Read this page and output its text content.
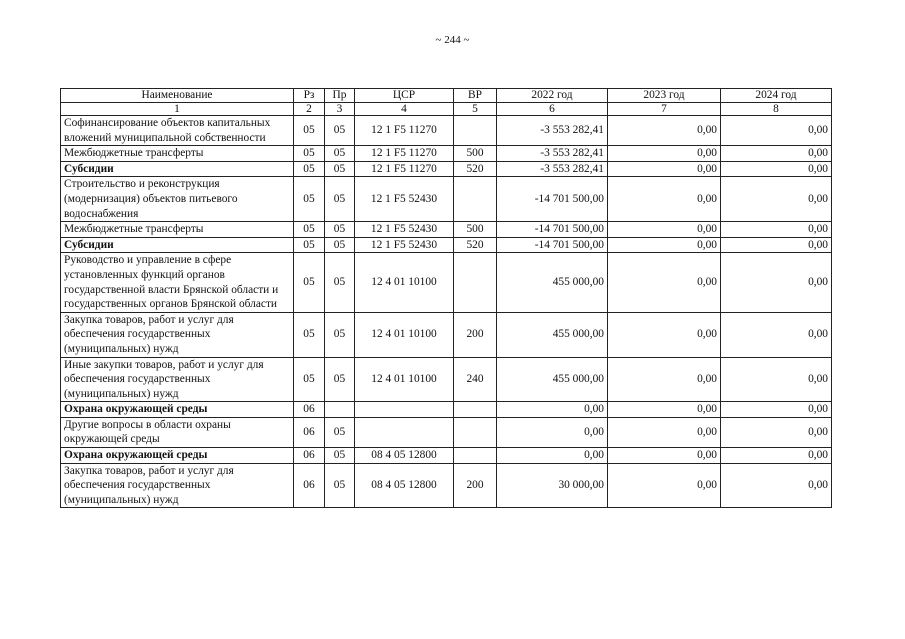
~ 244 ~
Наименование	Рз	Пр	ЦСР	ВР	2022 год	2023 год	2024 год
1	2	3	4	5	6	7	8
Софинансирование объектов капитальных вложений муниципальной собственности	05	05	12 1 F5 11270		-3 553 282,41	0,00	0,00
Межбюджетные трансферты	05	05	12 1 F5 11270	500	-3 553 282,41	0,00	0,00
Субсидии	05	05	12 1 F5 11270	520	-3 553 282,41	0,00	0,00
Строительство и реконструкция (модернизация) объектов питьевого водоснабжения	05	05	12 1 F5 52430		-14 701 500,00	0,00	0,00
Межбюджетные трансферты	05	05	12 1 F5 52430	500	-14 701 500,00	0,00	0,00
Субсидии	05	05	12 1 F5 52430	520	-14 701 500,00	0,00	0,00
Руководство и управление в сфере установленных функций органов государственной власти Брянской области и государственных органов Брянской области	05	05	12 4 01 10100		455 000,00	0,00	0,00
Закупка товаров, работ и услуг для обеспечения государственных (муниципальных) нужд	05	05	12 4 01 10100	200	455 000,00	0,00	0,00
Иные закупки товаров, работ и услуг для обеспечения государственных (муниципальных) нужд	05	05	12 4 01 10100	240	455 000,00	0,00	0,00
Охрана окружающей среды	06				0,00	0,00	0,00
Другие вопросы в области охраны окружающей среды	06	05			0,00	0,00	0,00
Охрана окружающей среды	06	05	08 4 05 12800		0,00	0,00	0,00
Закупка товаров, работ и услуг для обеспечения государственных (муниципальных) нужд	06	05	08 4 05 12800	200	30 000,00	0,00	0,00
